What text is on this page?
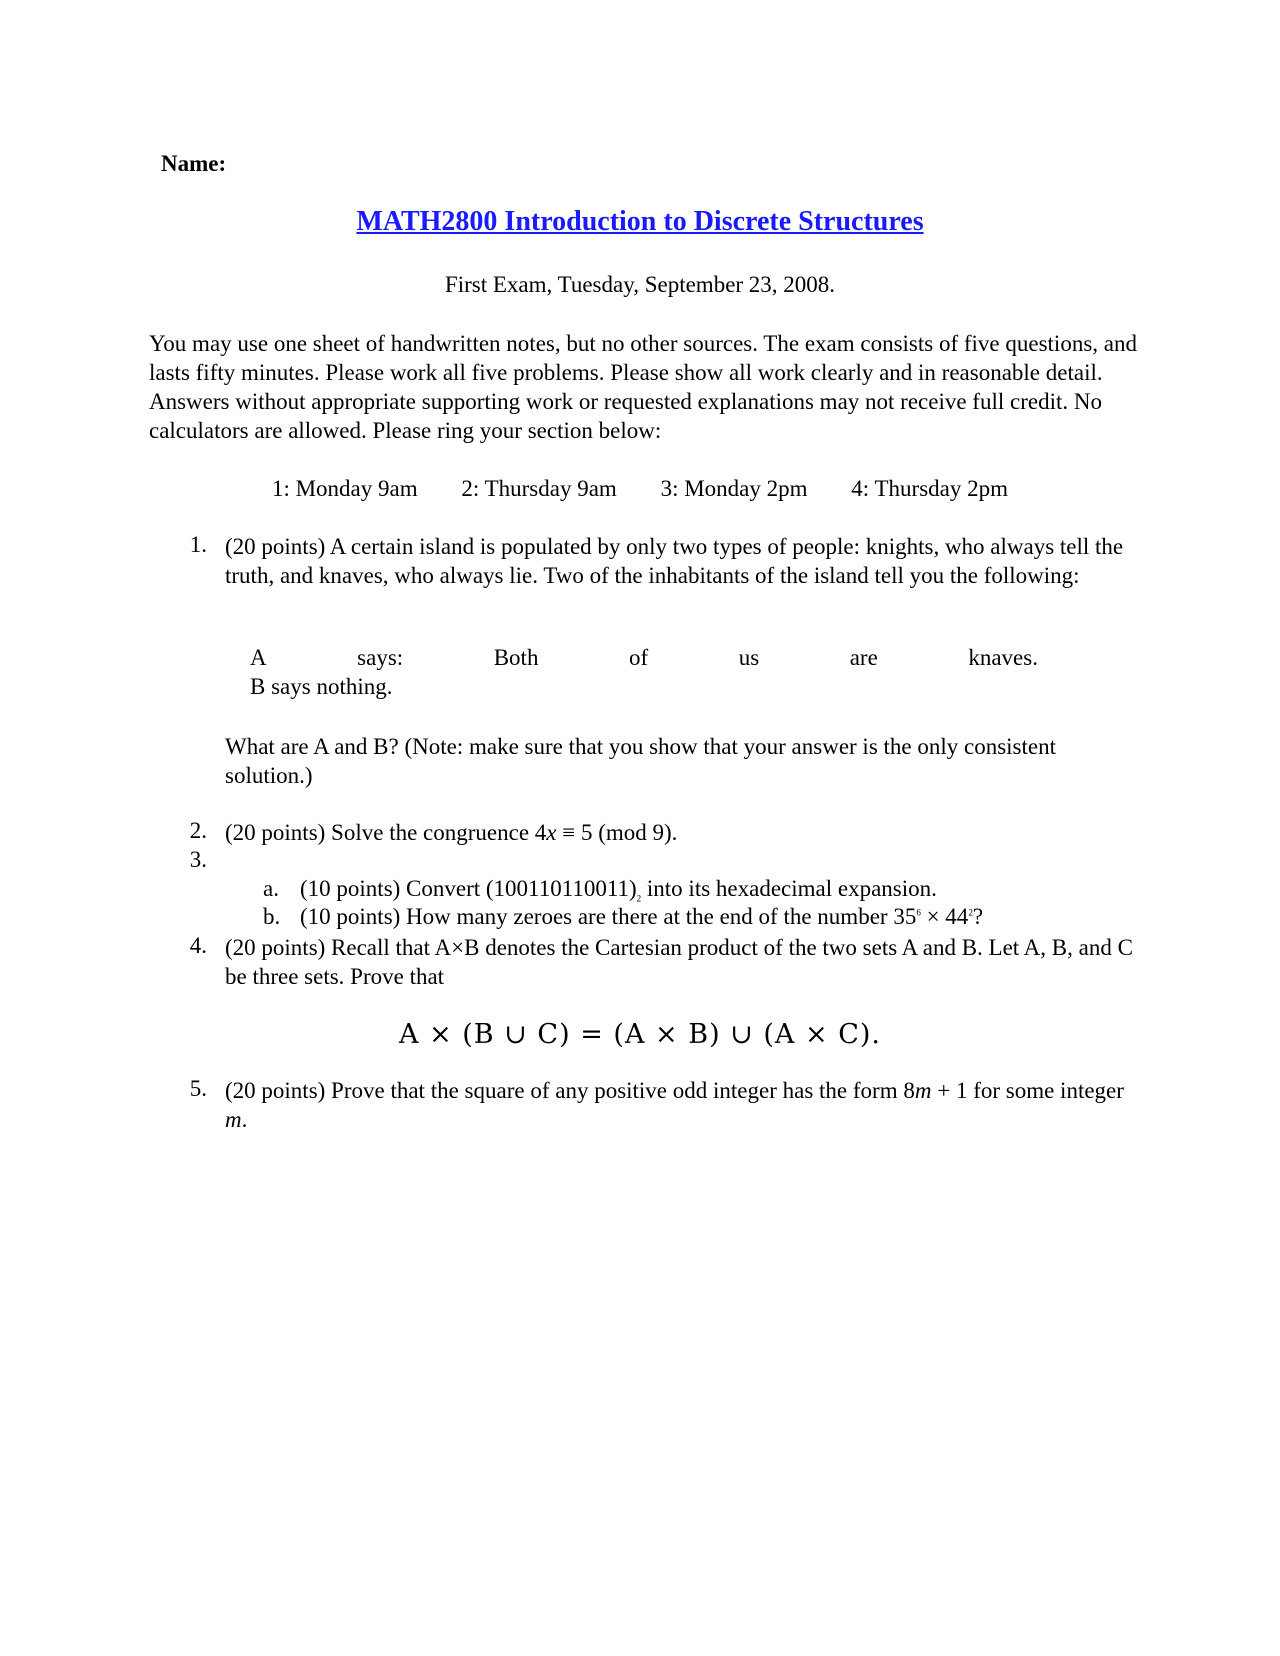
Name:
MATH2800 Introduction to Discrete Structures
First Exam, Tuesday, September 23, 2008.
You may use one sheet of handwritten notes, but no other sources. The exam consists of five questions, and lasts fifty minutes. Please work all five problems. Please show all work clearly and in reasonable detail. Answers without appropriate supporting work or requested explanations may not receive full credit. No calculators are allowed. Please ring your section below:
1: Monday 9am 2: Thursday 9am 3: Monday 2pm 4: Thursday 2pm
1. (20 points) A certain island is populated by only two types of people: knights, who always tell the truth, and knaves, who always lie. Two of the inhabitants of the island tell you the following:
A	says:	Both	of	us	are	knaves.
B says nothing.
What are A and B? (Note: make sure that you show that your answer is the only consistent solution.)
2. (20 points) Solve the congruence 4x ≡ 5 (mod 9).
3.
a. (10 points) Convert $(100110110011)_2$ into its hexadecimal expansion.
b. (10 points) How many zeroes are there at the end of the number $35^6 \times 44^2$?
4. (20 points) Recall that A×B denotes the Cartesian product of the two sets A and B. Let A, B, and C be three sets. Prove that
A × (B ∪ C) = (A × B) ∪ (A × C).
5. (20 points) Prove that the square of any positive odd integer has the form 8m + 1 for some integer m.
